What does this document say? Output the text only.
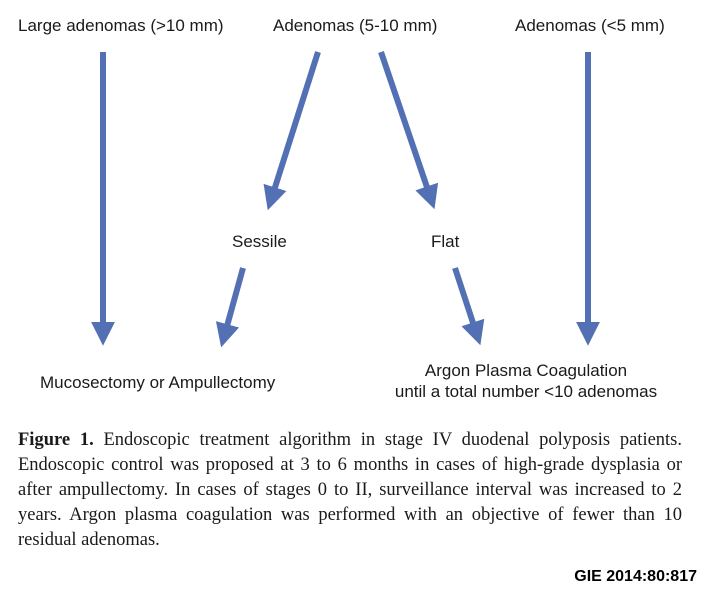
Large adenomas (>10 mm)	Adenomas (5-10 mm)	Adenomas (<5 mm)
Sessile	Flat
Mucosectomy or Ampullectomy
Argon Plasma Coagulation
until a total number <10 adenomas
Figure 1. Endoscopic treatment algorithm in stage IV duodenal polyposis patients. Endoscopic control was proposed at 3 to 6 months in cases of high-grade dysplasia or after ampullectomy. In cases of stages 0 to II, surveillance interval was increased to 2 years. Argon plasma coagulation was performed with an objective of fewer than 10 residual adenomas.
GIE 2014:80:817
